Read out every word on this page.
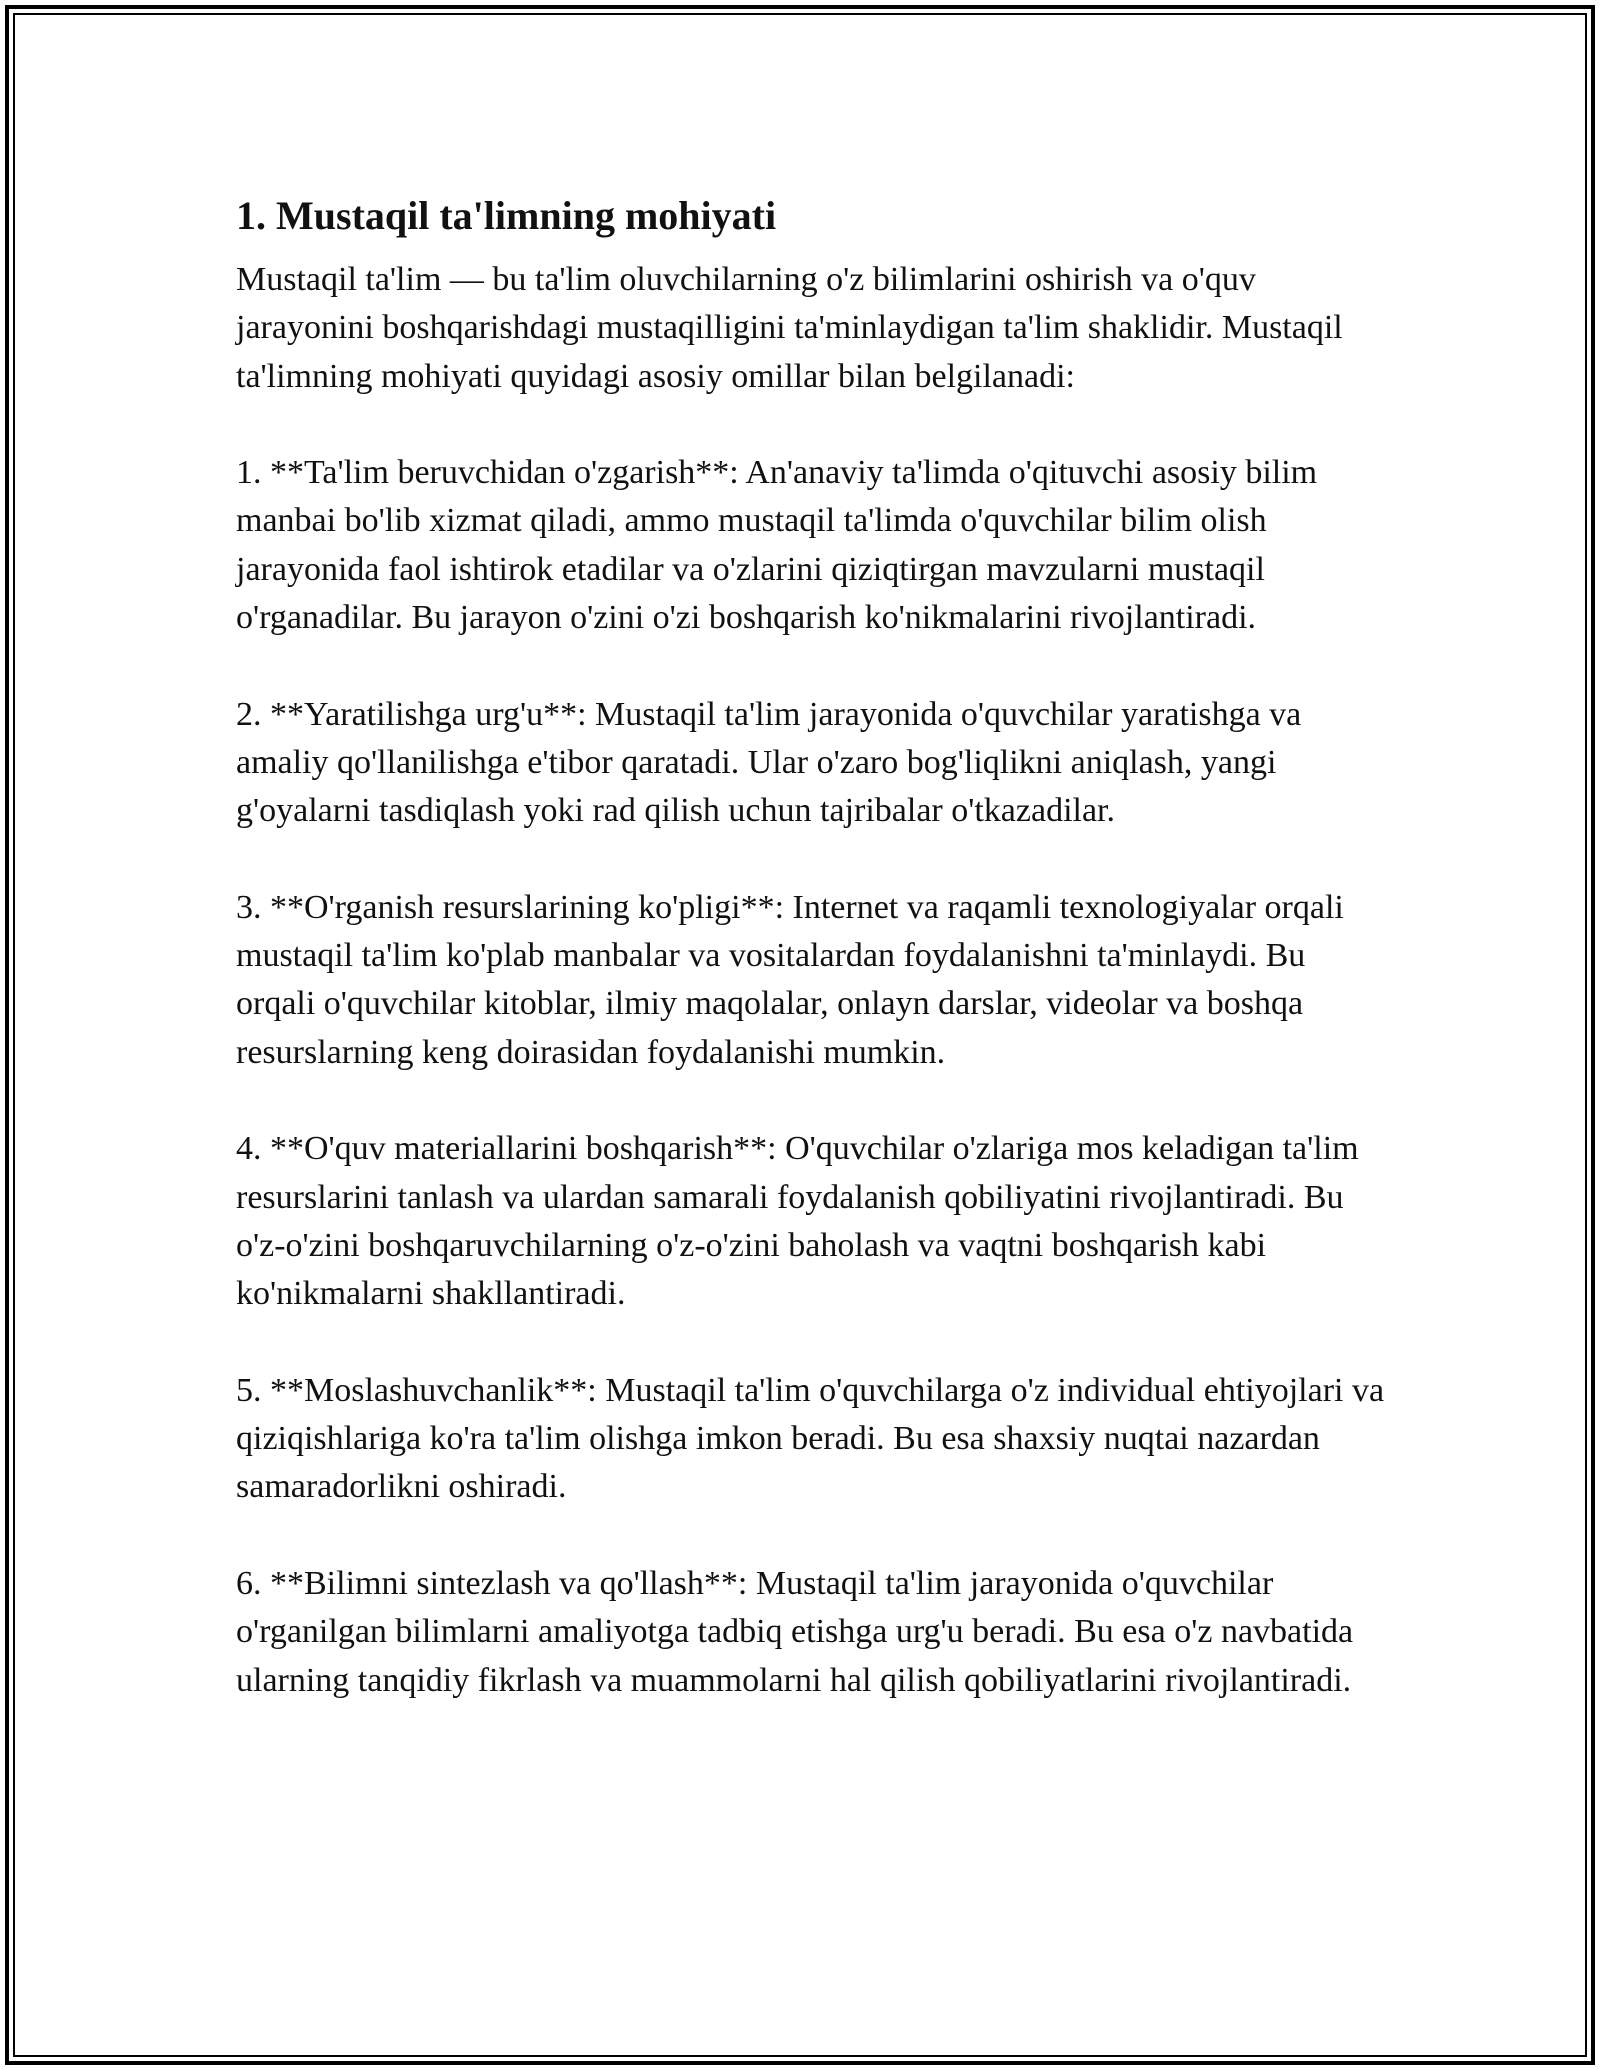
1. Mustaqil ta'limning mohiyati

Mustaqil ta'lim — bu ta'lim oluvchilarning o'z bilimlarini oshirish va o'quv jarayonini boshqarishdagi mustaqilligini ta'minlaydigan ta'lim shaklidir. Mustaqil ta'limning mohiyati quyidagi asosiy omillar bilan belgilanadi:

1. **Ta'lim beruvchidan o'zgarish**: An'anaviy ta'limda o'qituvchi asosiy bilim manbai bo'lib xizmat qiladi, ammo mustaqil ta'limda o'quvchilar bilim olish jarayonida faol ishtirok etadilar va o'zlarini qiziqtirgan mavzularni mustaqil o'rganadilar. Bu jarayon o'zini o'zi boshqarish ko'nikmalarini rivojlantiradi.

2. **Yaratilishga urg'u**: Mustaqil ta'lim jarayonida o'quvchilar yaratishga va amaliy qo'llanilishga e'tibor qaratadi. Ular o'zaro bog'liqlikni aniqlash, yangi g'oyalarni tasdiqlash yoki rad qilish uchun tajribalar o'tkazadilar.

3. **O'rganish resurslarining ko'pligi**: Internet va raqamli texnologiyalar orqali mustaqil ta'lim ko'plab manbalar va vositalardan foydalanishni ta'minlaydi. Bu orqali o'quvchilar kitoblar, ilmiy maqolalar, onlayn darslar, videolar va boshqa resurslarning keng doirasidan foydalanishi mumkin.

4. **O'quv materiallarini boshqarish**: O'quvchilar o'zlariga mos keladigan ta'lim resurslarini tanlash va ulardan samarali foydalanish qobiliyatini rivojlantiradi. Bu o'z-o'zini boshqaruvchilarning o'z-o'zini baholash va vaqtni boshqarish kabi ko'nikmalarni shakllantiradi.

5. **Moslashuvchanlik**: Mustaqil ta'lim o'quvchilarga o'z individual ehtiyojlari va qiziqishlariga ko'ra ta'lim olishga imkon beradi. Bu esa shaxsiy nuqtai nazardan samaradorlikni oshiradi.

6. **Bilimni sintezlash va qo'llash**: Mustaqil ta'lim jarayonida o'quvchilar o'rganilgan bilimlarni amaliyotga tadbiq etishga urg'u beradi. Bu esa o'z navbatida ularning tanqidiy fikrlash va muammolarni hal qilish qobiliyatlarini rivojlantiradi.
